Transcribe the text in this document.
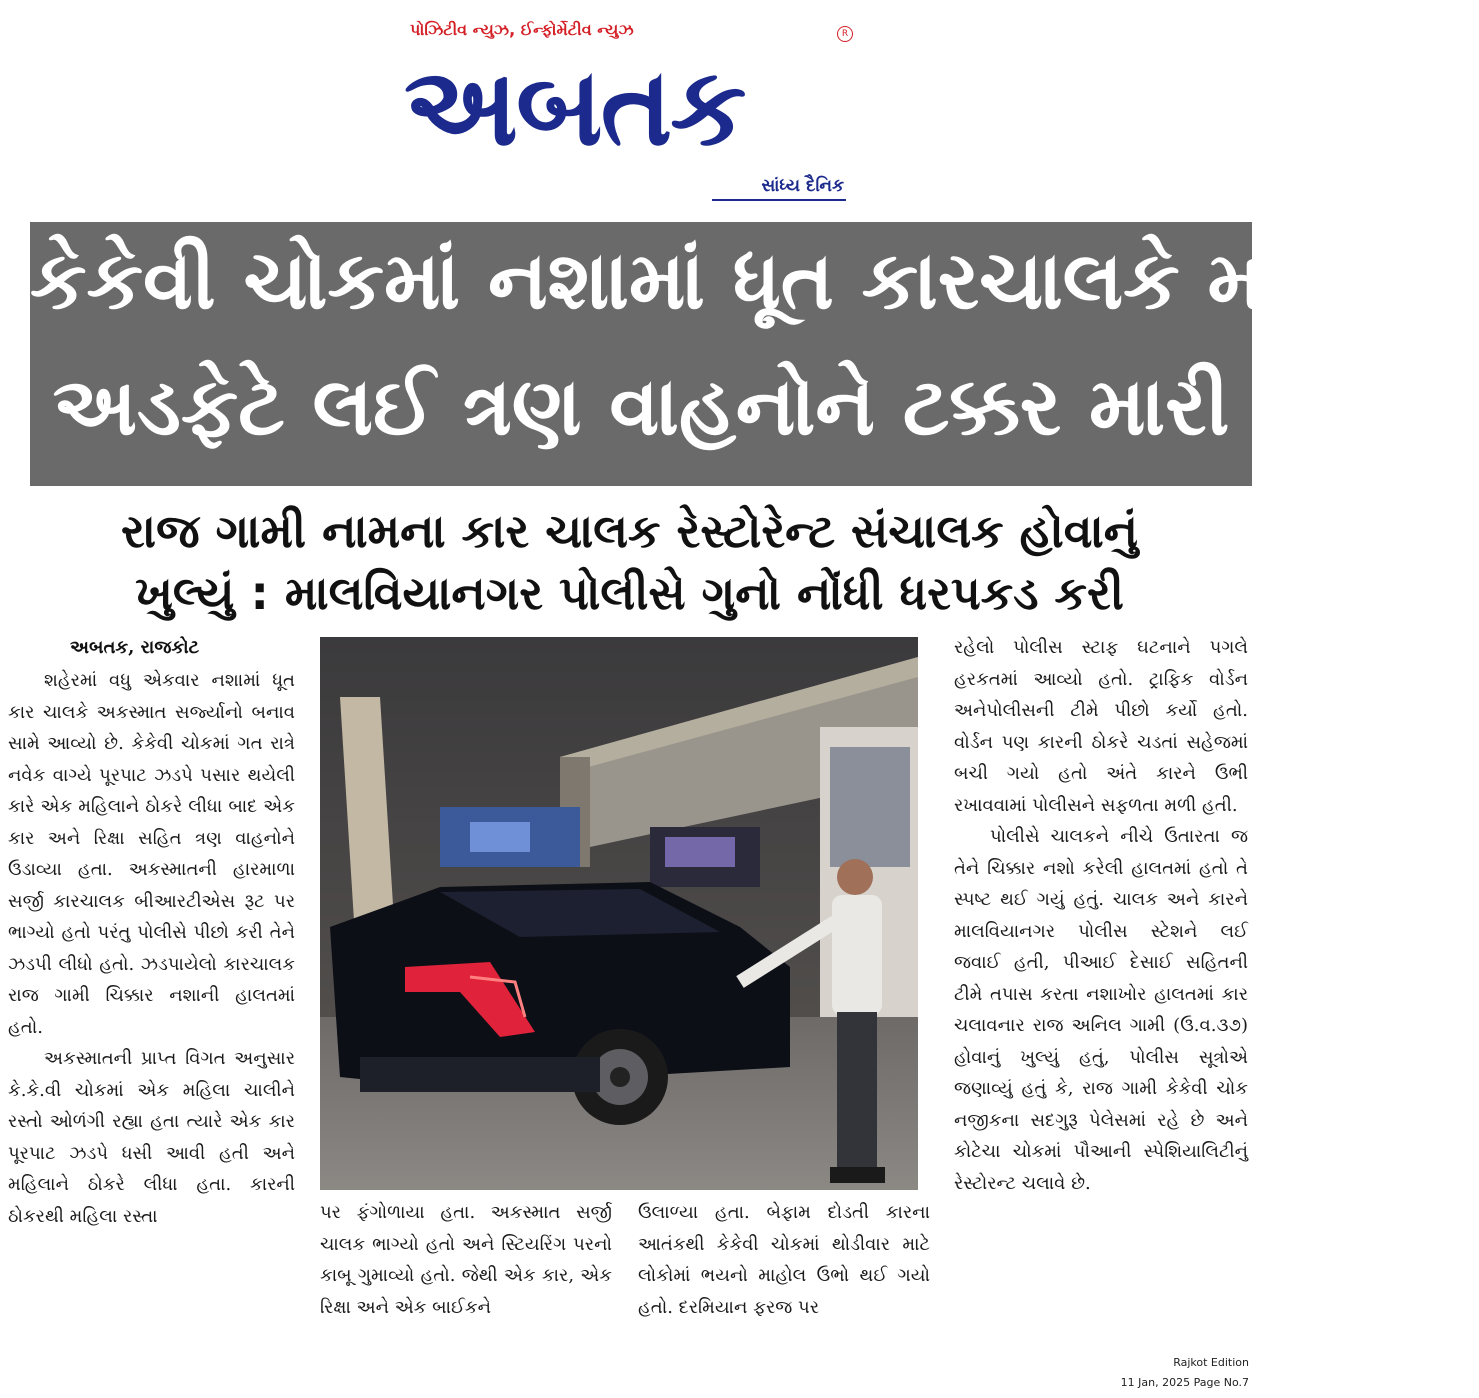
પોઝિટીવ ન્યુઝ, ઈન્ફોર્મેટીવ ન્યુઝ	R
અબતક
સાંધ્ય દૈનિક
કેકેવી ચોકમાં નશામાં ધૂત કારચાલકે મહિલાને
અડફેટે લઈ ત્રણ વાહનોને ટક્કર મારી
રાજ ગામી નામના કાર ચાલક રેસ્ટોરેન્ટ સંચાલક હોવાનું
ખુલ્યું : માલવિયાનગર પોલીસે ગુનો નોંધી ધરપકડ કરી
અબતક, રાજકોટ

શહેરમાં વધુ એકવાર નશામાં ધૂત કાર ચાલકે અકસ્માત સર્જ્યાનો બનાવ સામે આવ્યો છે. કેકેવી ચોકમાં ગત રાત્રે નવેક વાગ્યે પૂરપાટ ઝડપે પસાર થયેલી કારે એક મહિલાને ઠોકરે લીધા બાદ એક કાર અને રિક્ષા સહિત ત્રણ વાહનોને ઉડાવ્યા હતા. અકસ્માતની હારમાળા સર્જી કારચાલક બીઆરટીએસ રૂટ પર ભાગ્યો હતો પરંતુ પોલીસે પીછો કરી તેને ઝડપી લીધો હતો. ઝડપાયેલો કારચાલક રાજ ગામી ચિક્કાર નશાની હાલતમાં હતો.

અકસ્માતની પ્રાપ્ત વિગત અનુસાર કે.કે.વી ચોકમાં એક મહિલા ચાલીને રસ્તો ઓળંગી રહ્યા હતા ત્યારે એક કાર પૂરપાટ ઝડપે ધસી આવી હતી અને મહિલાને ઠોકરે લીધા હતા. કારની ઠોકરથી મહિલા રસ્તા	પર ફંગોળાયા હતા. અકસ્માત સર્જી ચાલક ભાગ્યો હતો અને સ્ટિયરિંગ પરનો કાબૂ ગુમાવ્યો હતો. જેથી એક કાર, એક રિક્ષા અને એક બાઈકને
ઉલાળ્યા હતા. બેફામ દોડતી કારના આતંકથી કેકેવી ચોકમાં થોડીવાર માટે લોકોમાં ભયનો માહોલ ઉભો થઈ ગયો હતો. દરમિયાન ફરજ પર

રહેલો પોલીસ સ્ટાફ ઘટનાને પગલે હરકતમાં આવ્યો હતો. ટ્રાફિક વોર્ડન અનેપોલીસની ટીમે પીછો કર્યો હતો. વોર્ડન પણ કારની ઠોકરે ચડતાં સહેજમાં બચી ગયો હતો અંતે કારને ઉભી રખાવવામાં પોલીસને સફળતા મળી હતી.

પોલીસે ચાલકને નીચે ઉતારતા જ તેને ચિક્કાર નશો કરેલી હાલતમાં હતો તે સ્પષ્ટ થઈ ગયું હતું. ચાલક અને કારને માલવિયાનગર પોલીસ સ્ટેશને લઈ જવાઈ હતી, પીઆઈ દેસાઈ સહિતની ટીમે તપાસ કરતા નશાખોર હાલતમાં કાર ચલાવનાર રાજ અનિલ ગામી (ઉ.વ.૩૭) હોવાનું ખુલ્યું હતું, પોલીસ સૂત્રોએ જણાવ્યું હતું કે, રાજ ગામી કેકેવી ચોક નજીકના સદગુરૂ પેલેસમાં રહે છે અને કોટેચા ચોકમાં પૌઆની સ્પેશિયાલિટીનું રેસ્ટોરન્ટ ચલાવે છે.

Rajkot Edition
11 Jan, 2025 Page No.7
